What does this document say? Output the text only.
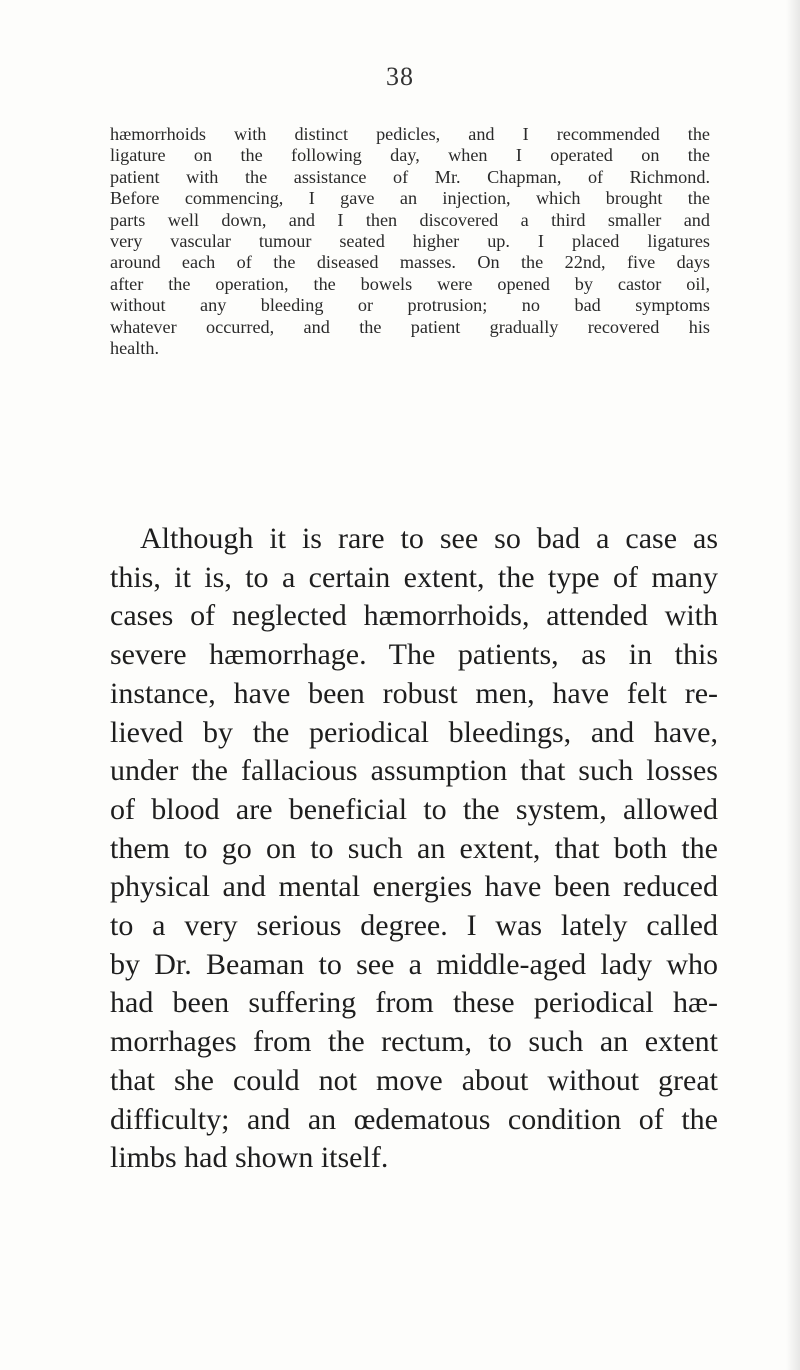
38
hæmorrhoids with distinct pedicles, and I recommended the
ligature on the following day, when I operated on the
patient with the assistance of Mr. Chapman, of Richmond.
Before commencing, I gave an injection, which brought the
parts well down, and I then discovered a third smaller and
very vascular tumour seated higher up. I placed ligatures
around each of the diseased masses. On the 22nd, five days
after the operation, the bowels were opened by castor oil,
without any bleeding or protrusion; no bad symptoms
whatever occurred, and the patient gradually recovered his
health.
Although it is rare to see so bad a case as
this, it is, to a certain extent, the type of many
cases of neglected hæmorrhoids, attended with
severe hæmorrhage. The patients, as in this
instance, have been robust men, have felt re-
lieved by the periodical bleedings, and have,
under the fallacious assumption that such losses
of blood are beneficial to the system, allowed
them to go on to such an extent, that both the
physical and mental energies have been reduced
to a very serious degree. I was lately called
by Dr. Beaman to see a middle-aged lady who
had been suffering from these periodical hæ-
morrhages from the rectum, to such an extent
that she could not move about without great
difficulty; and an œdematous condition of the
limbs had shown itself.
